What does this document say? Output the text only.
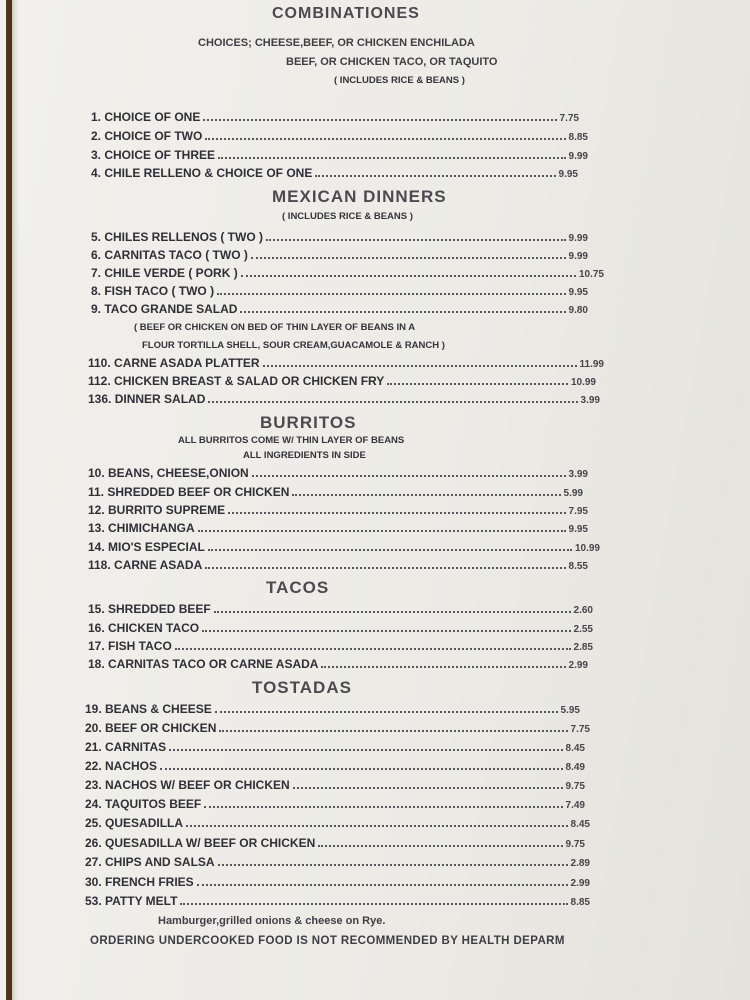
COMBINATIONES
CHOICES; CHEESE,BEEF, OR CHICKEN ENCHILADA
BEEF, OR CHICKEN TACO, OR TAQUITO
( INCLUDES RICE & BEANS )
1. CHOICE OF ONE	7.75
2. CHOICE OF TWO	8.85
3. CHOICE OF THREE	9.99
4. CHILE RELLENO & CHOICE OF ONE	9.95
MEXICAN DINNERS
( INCLUDES RICE & BEANS )
5. CHILES RELLENOS ( TWO )	9.99
6. CARNITAS TACO ( TWO )	9.99
7. CHILE VERDE ( PORK )	10.75
8. FISH TACO ( TWO )	9.95
9. TACO GRANDE SALAD	9.80
( BEEF OR CHICKEN ON BED OF THIN LAYER OF BEANS IN A
FLOUR TORTILLA SHELL, SOUR CREAM,GUACAMOLE & RANCH )
110. CARNE ASADA PLATTER	11.99
112. CHICKEN BREAST & SALAD OR CHICKEN FRY	10.99
136. DINNER SALAD	3.99
BURRITOS
ALL BURRITOS COME W/ THIN LAYER OF BEANS
ALL INGREDIENTS IN SIDE
10. BEANS, CHEESE,ONION	3.99
11. SHREDDED BEEF OR CHICKEN	5.99
12. BURRITO SUPREME	7.95
13. CHIMICHANGA	9.95
14. MIO'S ESPECIAL	10.99
118. CARNE ASADA	8.55
TACOS
15. SHREDDED BEEF	2.60
16. CHICKEN TACO	2.55
17. FISH TACO	2.85
18. CARNITAS TACO OR CARNE ASADA	2.99
TOSTADAS
19. BEANS & CHEESE	5.95
20. BEEF OR CHICKEN	7.75
21. CARNITAS	8.45
22. NACHOS	8.49
23. NACHOS W/ BEEF OR CHICKEN	9.75
24. TAQUITOS BEEF	7.49
25. QUESADILLA	8.45
26. QUESADILLA W/ BEEF OR CHICKEN	9.75
27. CHIPS AND SALSA	2.89
30. FRENCH FRIES	2.99
53. PATTY MELT	8.85
Hamburger,grilled onions & cheese on Rye.
ORDERING UNDERCOOKED FOOD IS NOT RECOMMENDED BY HEALTH DEPARM
